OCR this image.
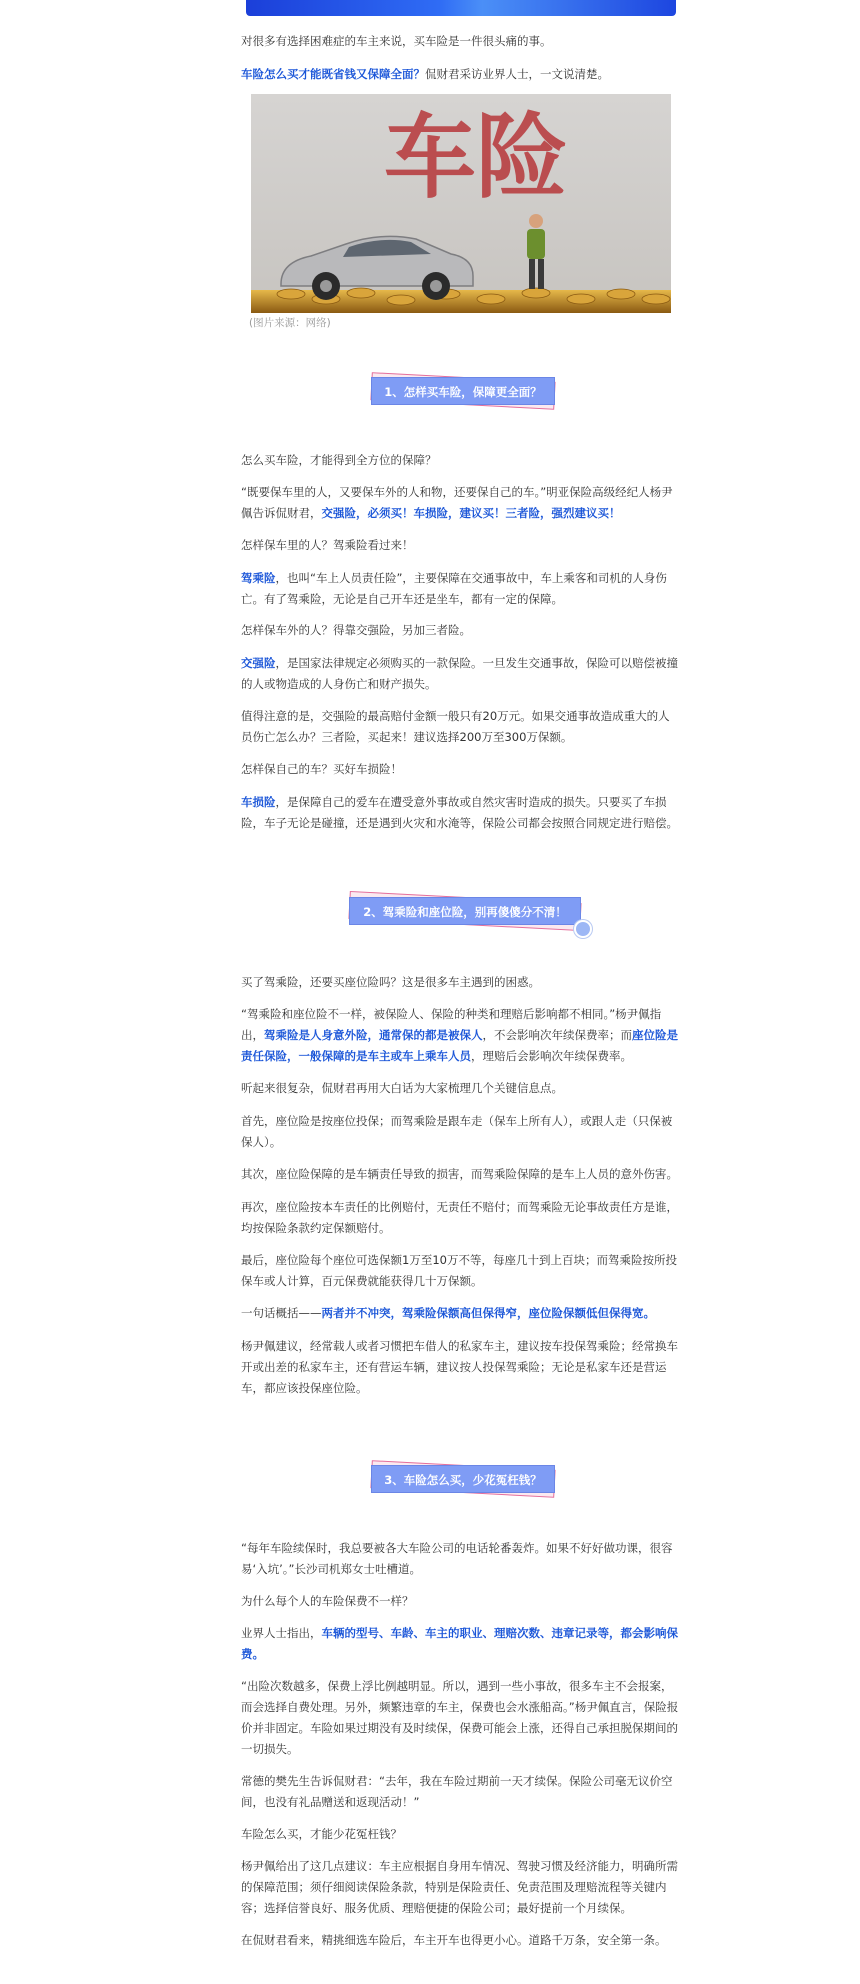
对很多有选择困难症的车主来说，买车险是一件很头痛的事。

车险怎么买才能既省钱又保障全面？侃财君采访业界人士，一文说清楚。

车险
(图片来源：网络)
1、怎样买车险，保障更全面？

怎么买车险，才能得到全方位的保障？

“既要保车里的人，又要保车外的人和物，还要保自己的车。”明亚保险高级经纪人杨尹佩告诉侃财君，交强险，必须买！车损险，建议买！三者险，强烈建议买！

怎样保车里的人？驾乘险看过来！

驾乘险，也叫“车上人员责任险”，主要保障在交通事故中，车上乘客和司机的人身伤亡。有了驾乘险，无论是自己开车还是坐车，都有一定的保障。

怎样保车外的人？得靠交强险，另加三者险。

交强险，是国家法律规定必须购买的一款保险。一旦发生交通事故，保险可以赔偿被撞的人或物造成的人身伤亡和财产损失。

值得注意的是，交强险的最高赔付金额一般只有20万元。如果交通事故造成重大的人员伤亡怎么办？三者险，买起来！建议选择200万至300万保额。

怎样保自己的车？买好车损险！

车损险，是保障自己的爱车在遭受意外事故或自然灾害时造成的损失。只要买了车损险，车子无论是碰撞，还是遇到火灾和水淹等，保险公司都会按照合同规定进行赔偿。

2、驾乘险和座位险，别再傻傻分不清！

买了驾乘险，还要买座位险吗？这是很多车主遇到的困惑。

“驾乘险和座位险不一样，被保险人、保险的种类和理赔后影响都不相同。”杨尹佩指出，驾乘险是人身意外险，通常保的都是被保人，不会影响次年续保费率；而座位险是责任保险，一般保障的是车主或车上乘车人员，理赔后会影响次年续保费率。

听起来很复杂，侃财君再用大白话为大家梳理几个关键信息点。

首先，座位险是按座位投保；而驾乘险是跟车走（保车上所有人），或跟人走（只保被保人）。

其次，座位险保障的是车辆责任导致的损害，而驾乘险保障的是车上人员的意外伤害。

再次，座位险按本车责任的比例赔付，无责任不赔付；而驾乘险无论事故责任方是谁，均按保险条款约定保额赔付。

最后，座位险每个座位可选保额1万至10万不等，每座几十到上百块；而驾乘险按所投保车或人计算，百元保费就能获得几十万保额。

一句话概括——两者并不冲突，驾乘险保额高但保得窄，座位险保额低但保得宽。

杨尹佩建议，经常载人或者习惯把车借人的私家车主，建议按车投保驾乘险；经常换车开或出差的私家车主，还有营运车辆，建议按人投保驾乘险；无论是私家车还是营运车，都应该投保座位险。

3、车险怎么买，少花冤枉钱？

“每年车险续保时，我总要被各大车险公司的电话轮番轰炸。如果不好好做功课，很容易‘入坑’。”长沙司机郑女士吐槽道。

为什么每个人的车险保费不一样？

业界人士指出，车辆的型号、车龄、车主的职业、理赔次数、违章记录等，都会影响保费。

“出险次数越多，保费上浮比例越明显。所以，遇到一些小事故，很多车主不会报案，而会选择自费处理。另外，频繁违章的车主，保费也会水涨船高。”杨尹佩直言，保险报价并非固定。车险如果过期没有及时续保，保费可能会上涨，还得自己承担脱保期间的一切损失。

常德的樊先生告诉侃财君：“去年，我在车险过期前一天才续保。保险公司毫无议价空间，也没有礼品赠送和返现活动！”

车险怎么买，才能少花冤枉钱？

杨尹佩给出了这几点建议：车主应根据自身用车情况、驾驶习惯及经济能力，明确所需的保障范围；须仔细阅读保险条款，特别是保险责任、免责范围及理赔流程等关键内容；选择信誉良好、服务优质、理赔便捷的保险公司；最好提前一个月续保。

在侃财君看来，精挑细选车险后，车主开车也得更小心。道路千万条，安全第一条。
